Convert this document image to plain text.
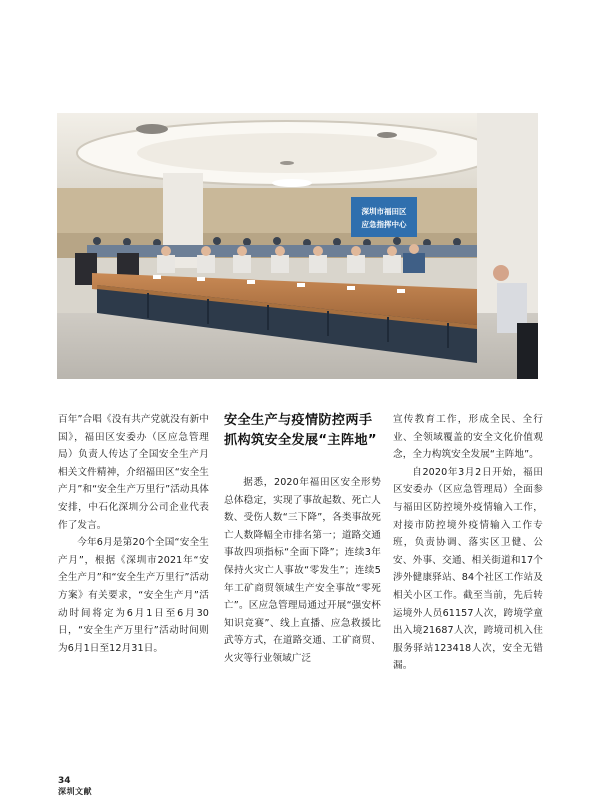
深圳市福田区
应急指挥中心

百年”合唱《没有共产党就没有新中国》，福田区安委办（区应急管理局）负责人传达了全国安全生产月相关文件精神，介绍福田区“安全生产月”和“安全生产万里行”活动具体安排，中石化深圳分公司企业代表作了发言。

今年6月是第20个全国“安全生产月”，根据《深圳市2021年“安全生产月”和“安全生产万里行”活动方案》有关要求，“安全生产月”活动时间将定为6月1日至6月30日，“安全生产万里行”活动时间则为6月1日至12月31日。

安全生产与疫情防控两手抓构筑安全发展“主阵地”

据悉，2020年福田区安全形势总体稳定，实现了事故起数、死亡人数、受伤人数“三下降”，各类事故死亡人数降幅全市排名第一；道路交通事故四项指标“全面下降”；连续3年保持火灾亡人事故“零发生”；连续5年工矿商贸领域生产安全事故“零死亡”。区应急管理局通过开展“强安杯知识竞赛”、线上直播、应急救援比武等方式，在道路交通、工矿商贸、火灾等行业领域广泛

宣传教育工作，形成全民、全行业、全领域覆盖的安全文化价值观念，全力构筑安全发展“主阵地”。

自2020年3月2日开始，福田区安委办（区应急管理局）全面参与福田区防控境外疫情输入工作，对接市防控境外疫情输入工作专班，负责协调、落实区卫健、公安、外事、交通、相关街道和17个涉外健康驿站、84个社区工作站及相关小区工作。截至当前，先后转运境外人员61157人次，跨境学童出入境21687人次，跨境司机入住服务驿站123418人次，安全无错漏。

34
深圳文献
